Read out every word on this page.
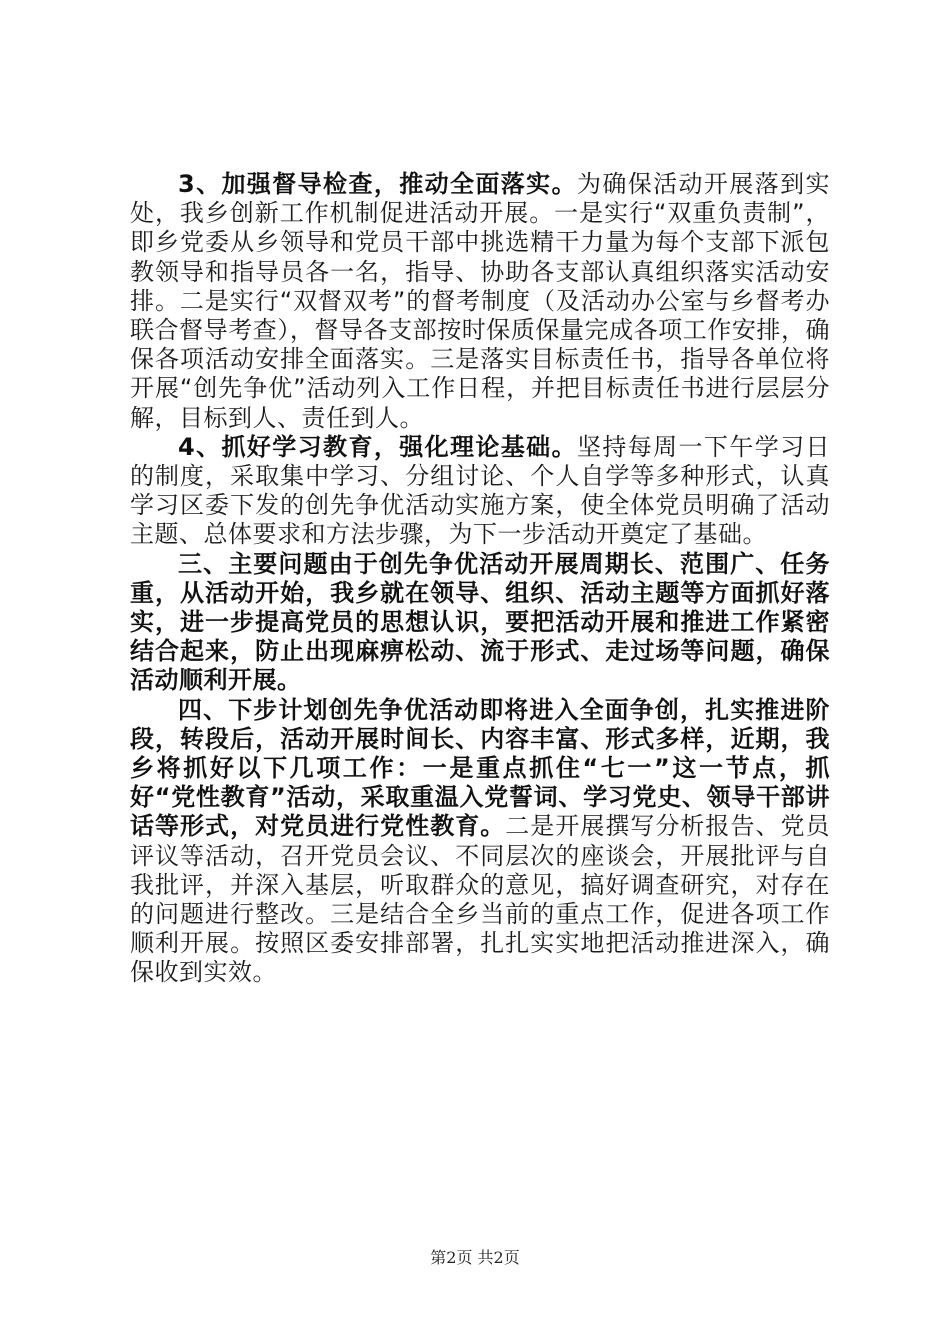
3、加强督导检查，推动全面落实。为确保活动开展落到实处，我乡创新工作机制促进活动开展。一是实行“双重负责制”，即乡党委从乡领导和党员干部中挑选精干力量为每个支部下派包教领导和指导员各一名，指导、协助各支部认真组织落实活动安排。二是实行“双督双考”的督考制度（及活动办公室与乡督考办联合督导考查），督导各支部按时保质保量完成各项工作安排，确保各项活动安排全面落实。三是落实目标责任书，指导各单位将开展“创先争优”活动列入工作日程，并把目标责任书进行层层分解，目标到人、责任到人。

4、抓好学习教育，强化理论基础。坚持每周一下午学习日的制度，采取集中学习、分组讨论、个人自学等多种形式，认真学习区委下发的创先争优活动实施方案，使全体党员明确了活动主题、总体要求和方法步骤，为下一步活动开奠定了基础。

三、主要问题由于创先争优活动开展周期长、范围广、任务重，从活动开始，我乡就在领导、组织、活动主题等方面抓好落实，进一步提高党员的思想认识，要把活动开展和推进工作紧密结合起来，防止出现麻痹松动、流于形式、走过场等问题，确保活动顺利开展。

四、下步计划创先争优活动即将进入全面争创，扎实推进阶段，转段后，活动开展时间长、内容丰富、形式多样，近期，我乡将抓好以下几项工作：一是重点抓住“七一”这一节点，抓好“党性教育”活动，采取重温入党誓词、学习党史、领导干部讲话等形式，对党员进行党性教育。二是开展撰写分析报告、党员评议等活动，召开党员会议、不同层次的座谈会，开展批评与自我批评，并深入基层，听取群众的意见，搞好调查研究，对存在的问题进行整改。三是结合全乡当前的重点工作，促进各项工作顺利开展。按照区委安排部署，扎扎实实地把活动推进深入，确保收到实效。

第2页 共2页
